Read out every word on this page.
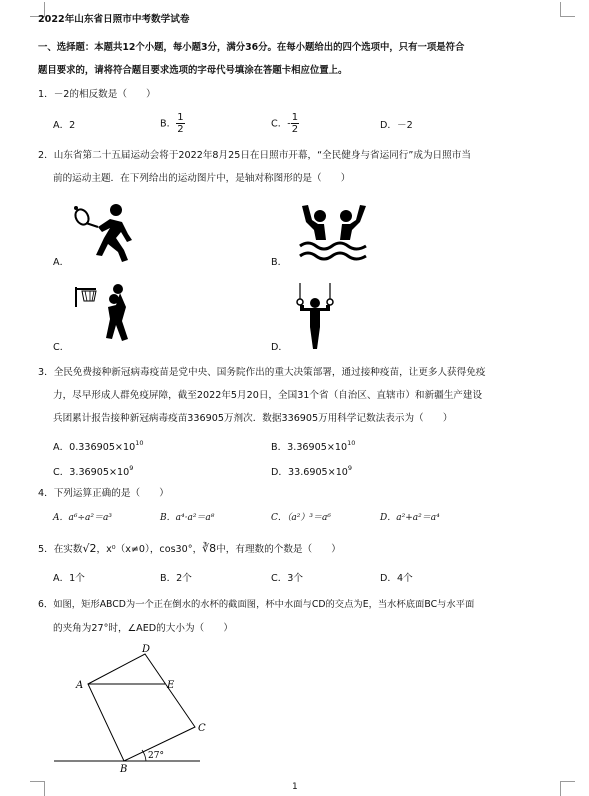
2022年山东省日照市中考数学试卷
一、选择题：本题共12个小题，每小题3分，满分36分。在每小题给出的四个选项中，只有一项是符合
题目要求的，请将符合题目要求选项的字母代号填涂在答题卡相应位置上。
1．－2的相反数是（　　）
A．2	B． $\frac{1}{2}$	C．- $\frac{1}{2}$	D．－2
2．山东省第二十五届运动会将于2022年8月25日在日照市开幕，“全民健身与省运同行”成为日照市当
前的运动主题．在下列给出的运动图片中，是轴对称图形的是（　　）
A．	B．
C．	D．
3．全民免费接种新冠病毒疫苗是党中央、国务院作出的重大决策部署，通过接种疫苗，让更多人获得免疫
力，尽早形成人群免疫屏障，截至2022年5月20日，全国31个省（自治区、直辖市）和新疆生产建设
兵团累计报告接种新冠病毒疫苗336905万剂次．数据336905万用科学记数法表示为（　　）
A．$0.336905\times 10^{10}$	B．$3.36905\times 10^{10}$
C．$3.36905\times 10^9$	D．$33.6905\times 10^9$
4．下列运算正确的是（　　）
A．a⁶÷a²＝a³	B．a⁴·a²＝a⁸	C．（a²）³＝a⁶	D．a²+a²＝a⁴
5．在实数√2，x⁰（x≠0），cos30°，∛8中，有理数的个数是（　　）
A．1个	B．2个	C．3个	D．4个
6．如图，矩形ABCD为一个正在倒水的水杯的截面图，杯中水面与CD的交点为E，当水杯底面BC与水平面
的夹角为27°时，∠AED的大小为（　　）
A
B
C
D
E
27°
1
